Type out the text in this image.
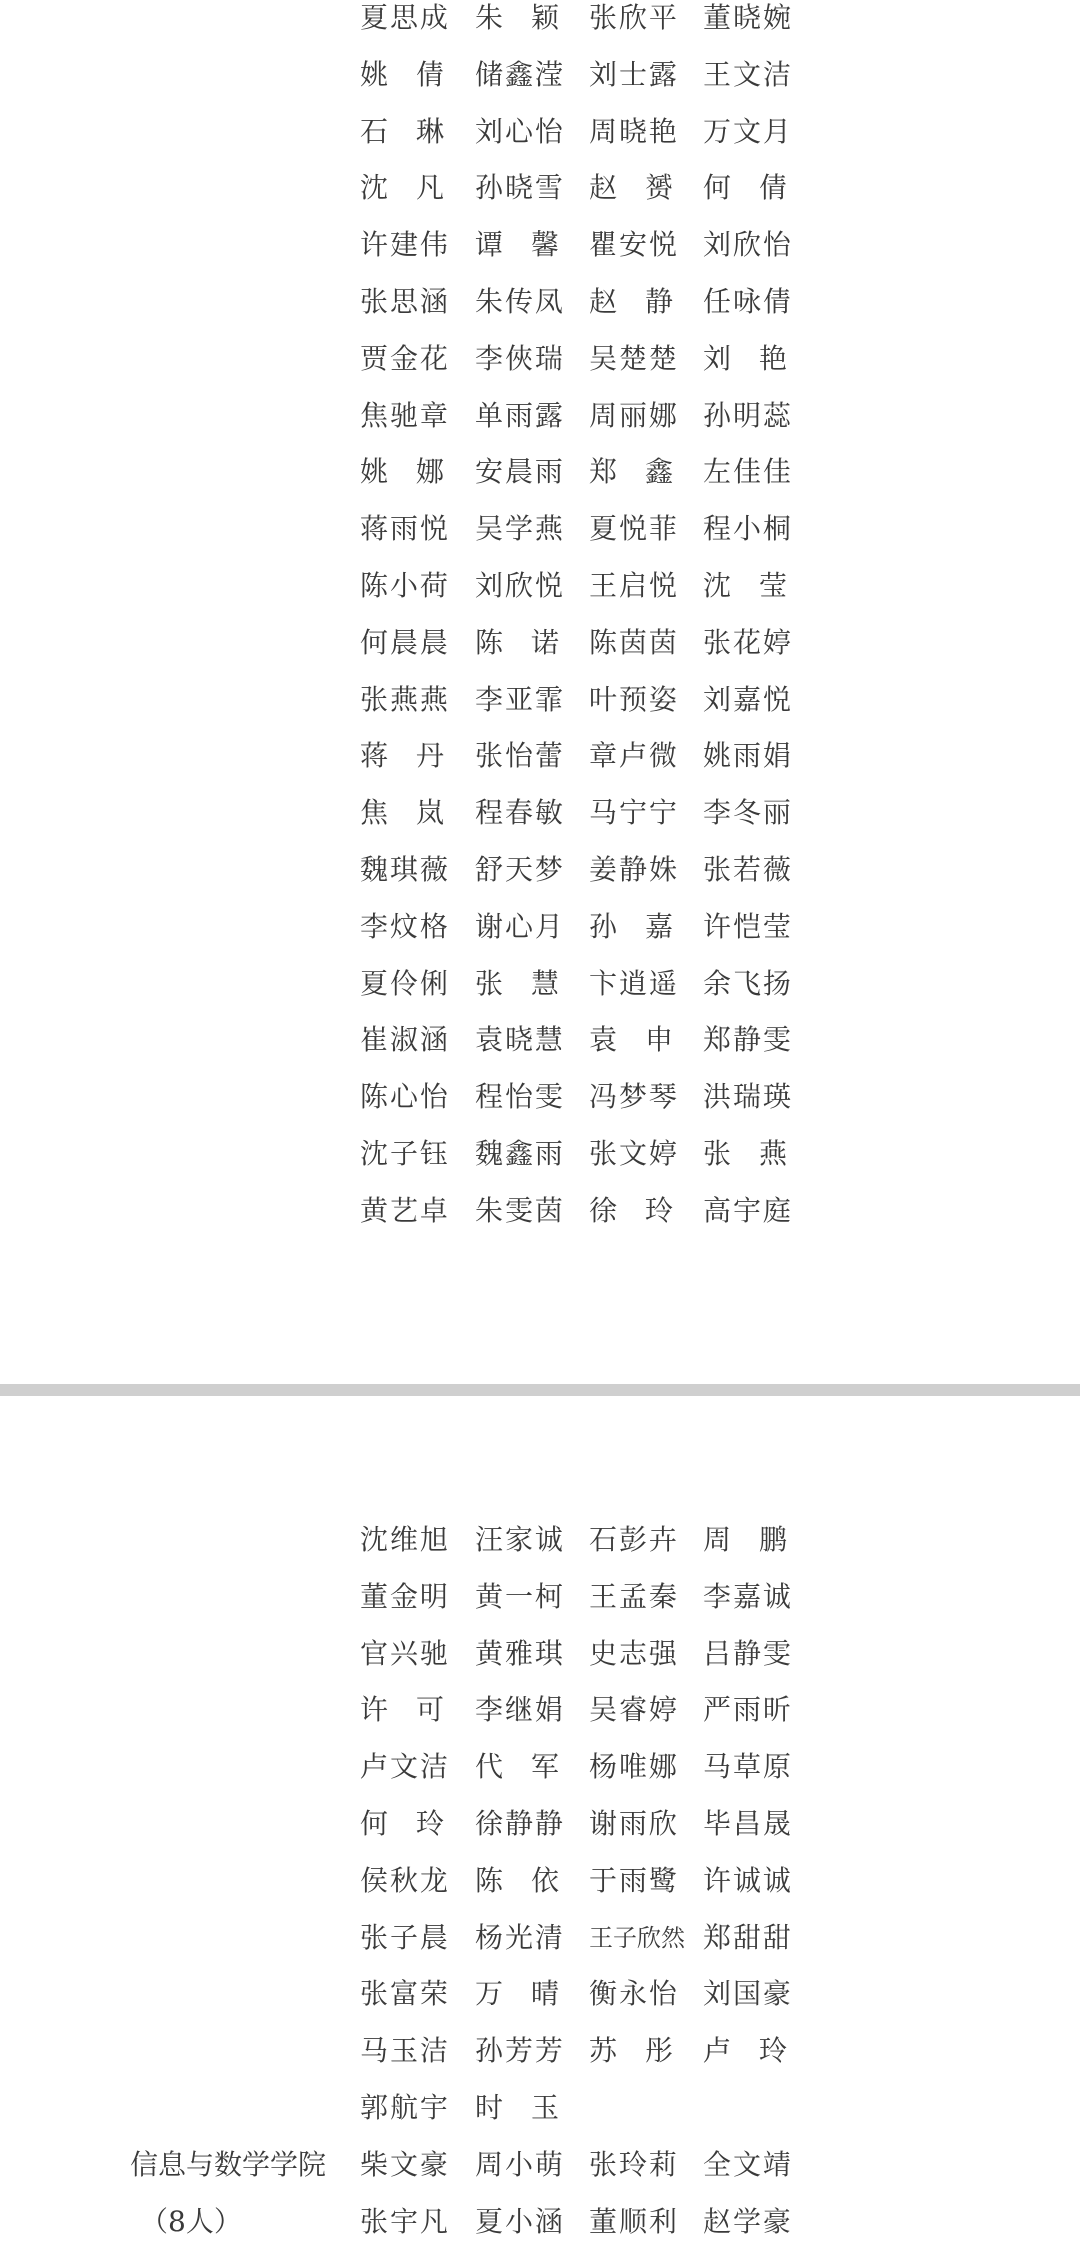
夏思成 朱 颖 张欣平 董晓婉
姚 倩 储鑫滢 刘士露 王文洁
石 琳 刘心怡 周晓艳 万文月
沈 凡 孙晓雪 赵 赟 何 倩
许建伟 谭 馨 瞿安悦 刘欣怡
张思涵 朱传凤 赵 静 任咏倩
贾金花 李俠瑞 吴楚楚 刘 艳
焦驰章 单雨露 周丽娜 孙明蕊
姚 娜 安晨雨 郑 鑫 左佳佳
蒋雨悦 吴学燕 夏悦菲 程小桐
陈小荷 刘欣悦 王启悦 沈 莹
何晨晨 陈 诺 陈茵茵 张花婷
张燕燕 李亚霏 叶预姿 刘嘉悦
蒋 丹 张怡蕾 章卢微 姚雨娟
焦 岚 程春敏 马宁宁 李冬丽
魏琪薇 舒天梦 姜静姝 张若薇
李炆格 谢心月 孙 嘉 许恺莹
夏伶俐 张 慧 卞逍遥 余飞扬
崔淑涵 袁晓慧 袁 申 郑静雯
陈心怡 程怡雯 冯梦琴 洪瑞瑛
沈子钰 魏鑫雨 张文婷 张 燕
黄艺卓 朱雯茵 徐 玲 高宇庭
沈维旭 汪家诚 石彭卉 周 鹏
董金明 黄一柯 王孟秦 李嘉诚
官兴驰 黄雅琪 史志强 吕静雯
许 可 李继娟 吴睿婷 严雨昕
卢文洁 代 军 杨唯娜 马草原
何 玲 徐静静 谢雨欣 毕昌晟
侯秋龙 陈 依 于雨鹭 许诚诚
张子晨 杨光清 王子欣然 郑甜甜
张富荣 万 晴 衡永怡 刘国豪
马玉洁 孙芳芳 苏 彤 卢 玲
郭航宇 时 玉
柴文豪 周小萌 张玲莉 全文靖
信息与数学学院
张宇凡 夏小涵 董顺利 赵学豪
（8人）
